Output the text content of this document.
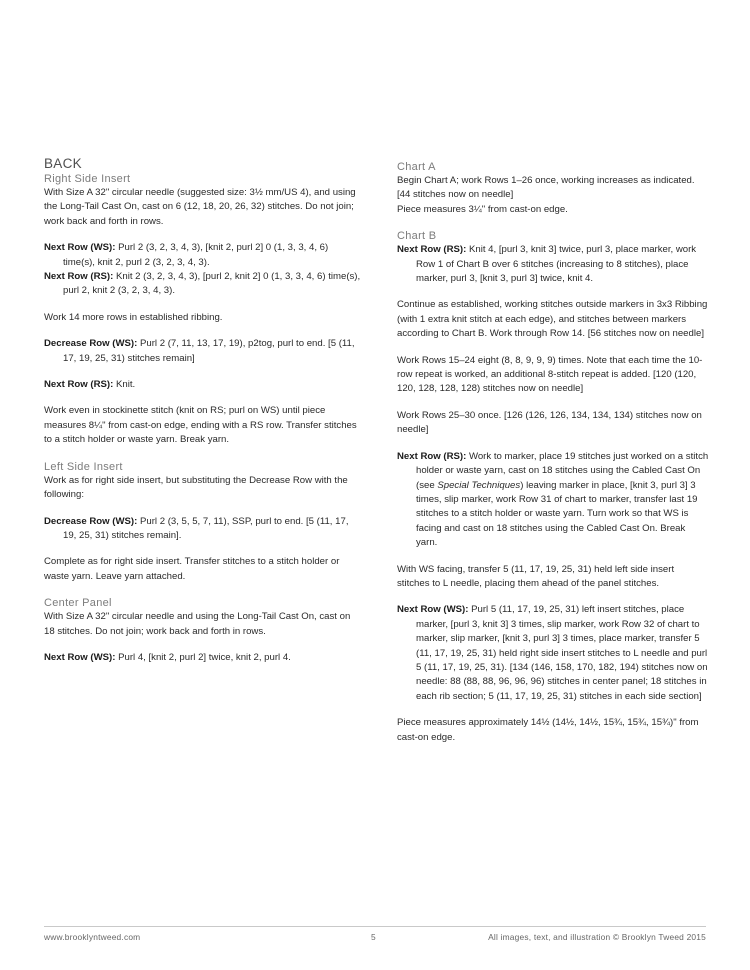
BACK
Right Side Insert

With Size A 32" circular needle (suggested size: 3½ mm/US 4), and using the Long-Tail Cast On, cast on 6 (12, 18, 20, 26, 32) stitches. Do not join; work back and forth in rows.

Next Row (WS): Purl 2 (3, 2, 3, 4, 3), [knit 2, purl 2] 0 (1, 3, 3, 4, 6) time(s), knit 2, purl 2 (3, 2, 3, 4, 3).

Next Row (RS): Knit 2 (3, 2, 3, 4, 3), [purl 2, knit 2] 0 (1, 3, 3, 4, 6) time(s), purl 2, knit 2 (3, 2, 3, 4, 3).

Work 14 more rows in established ribbing.

Decrease Row (WS): Purl 2 (7, 11, 13, 17, 19), p2tog, purl to end. [5 (11, 17, 19, 25, 31) stitches remain]

Next Row (RS): Knit.

Work even in stockinette stitch (knit on RS; purl on WS) until piece measures 8¼" from cast-on edge, ending with a RS row. Transfer stitches to a stitch holder or waste yarn. Break yarn.

Left Side Insert

Work as for right side insert, but substituting the Decrease Row with the following:

Decrease Row (WS): Purl 2 (3, 5, 5, 7, 11), SSP, purl to end. [5 (11, 17, 19, 25, 31) stitches remain].

Complete as for right side insert. Transfer stitches to a stitch holder or waste yarn. Leave yarn attached.

Center Panel

With Size A 32" circular needle and using the Long-Tail Cast On, cast on 18 stitches. Do not join; work back and forth in rows.

Next Row (WS): Purl 4, [knit 2, purl 2] twice, knit 2, purl 4.

Chart A

Begin Chart A; work Rows 1–26 once, working increases as indicated. [44 stitches now on needle]

Piece measures 3¼" from cast-on edge.

Chart B

Next Row (RS): Knit 4, [purl 3, knit 3] twice, purl 3, place marker, work Row 1 of Chart B over 6 stitches (increasing to 8 stitches), place marker, purl 3, [knit 3, purl 3] twice, knit 4.

Continue as established, working stitches outside markers in 3x3 Ribbing (with 1 extra knit stitch at each edge), and stitches between markers according to Chart B. Work through Row 14. [56 stitches now on needle]

Work Rows 15–24 eight (8, 8, 9, 9, 9) times. Note that each time the 10-row repeat is worked, an additional 8-stitch repeat is added. [120 (120, 120, 128, 128, 128) stitches now on needle]

Work Rows 25–30 once. [126 (126, 126, 134, 134, 134) stitches now on needle]

Next Row (RS): Work to marker, place 19 stitches just worked on a stitch holder or waste yarn, cast on 18 stitches using the Cabled Cast On (see Special Techniques) leaving marker in place, [knit 3, purl 3] 3 times, slip marker, work Row 31 of chart to marker, transfer last 19 stitches to a stitch holder or waste yarn. Turn work so that WS is facing and cast on 18 stitches using the Cabled Cast On. Break yarn.

With WS facing, transfer 5 (11, 17, 19, 25, 31) held left side insert stitches to L needle, placing them ahead of the panel stitches.

Next Row (WS): Purl 5 (11, 17, 19, 25, 31) left insert stitches, place marker, [purl 3, knit 3] 3 times, slip marker, work Row 32 of chart to marker, slip marker, [knit 3, purl 3] 3 times, place marker, transfer 5 (11, 17, 19, 25, 31) held right side insert stitches to L needle and purl 5 (11, 17, 19, 25, 31). [134 (146, 158, 170, 182, 194) stitches now on needle: 88 (88, 88, 96, 96, 96) stitches in center panel; 18 stitches in each rib section; 5 (11, 17, 19, 25, 31) stitches in each side section]

Piece measures approximately 14½ (14½, 14½, 15¾, 15¾, 15¾)" from cast-on edge.

www.brooklyntweed.com	5	All images, text, and illustration © Brooklyn Tweed 2015
